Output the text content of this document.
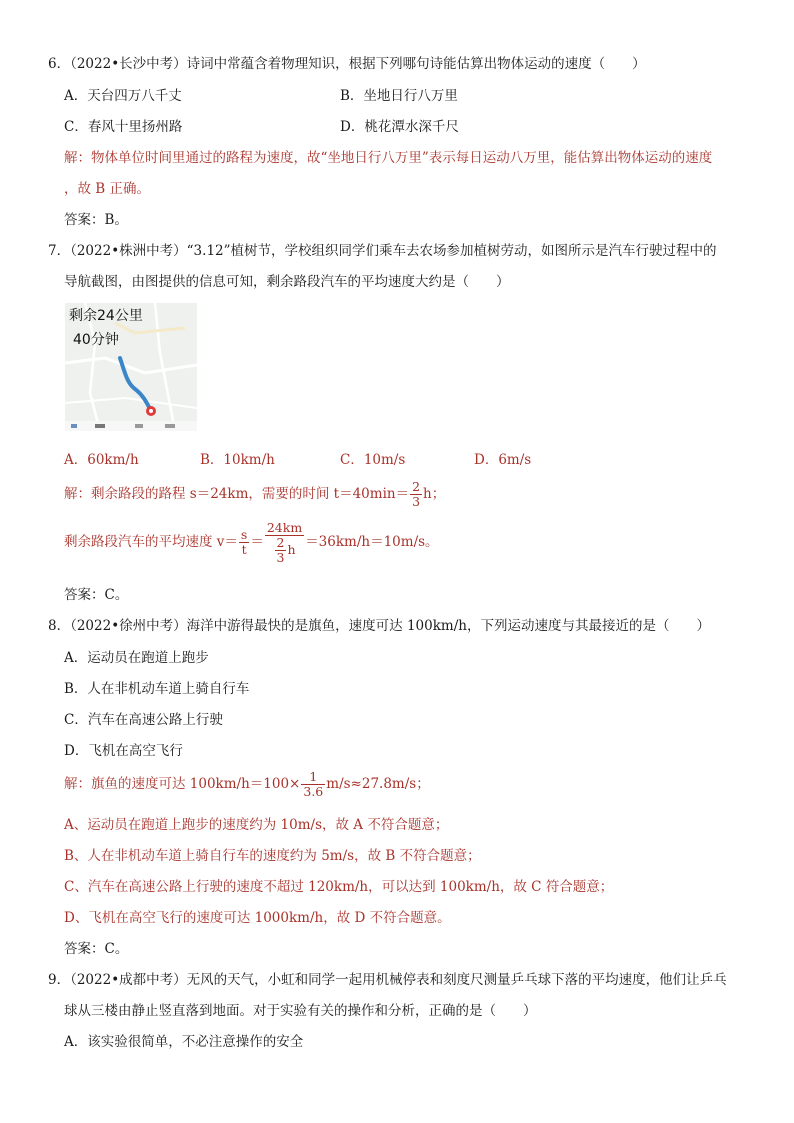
6．（2022•长沙中考）诗词中常蕴含着物理知识，根据下列哪句诗能估算出物体运动的速度（　　）
A．天台四万八千丈	B．坐地日行八万里
C．春风十里扬州路	D．桃花潭水深千尺
解：物体单位时间里通过的路程为速度，故“坐地日行八万里”表示每日运动八万里，能估算出物体运动的速度
，故 B 正确。
答案：B。
7．（2022•株洲中考）“3.12”植树节，学校组织同学们乘车去农场参加植树劳动，如图所示是汽车行驶过程中的
导航截图，由图提供的信息可知，剩余路段汽车的平均速度大约是（　　）
剩余24公里
40分钟
A．60km/h	B．10km/h	C．10m/s	D．6m/s
解：剩余路段的路程 s＝24km，需要的时间 $t=40\min= \frac{2}{3}$ h；
剩余路段汽车的平均速度 $v= \frac{s}{t} = \frac{24km}{\frac{2}{3} h} =36km/h=10m/s$。
答案：C。
8．（2022•徐州中考）海洋中游得最快的是旗鱼，速度可达 100km/h，下列运动速度与其最接近的是（　　）
A．运动员在跑道上跑步
B．人在非机动车道上骑自行车
C．汽车在高速公路上行驶
D．飞机在高空飞行
解：旗鱼的速度可达 $100km/h=100\times \frac{1}{3.6} m/s\approx 27.8m/s$；
A、运动员在跑道上跑步的速度约为 10m/s，故 A 不符合题意；
B、人在非机动车道上骑自行车的速度约为 5m/s，故 B 不符合题意；
C、汽车在高速公路上行驶的速度不超过 120km/h，可以达到 100km/h，故 C 符合题意；
D、飞机在高空飞行的速度可达 1000km/h，故 D 不符合题意。
答案：C。
9．（2022•成都中考）无风的天气，小虹和同学一起用机械停表和刻度尺测量乒乓球下落的平均速度，他们让乒乓
球从三楼由静止竖直落到地面。对于实验有关的操作和分析，正确的是（　　）
A．该实验很简单，不必注意操作的安全
